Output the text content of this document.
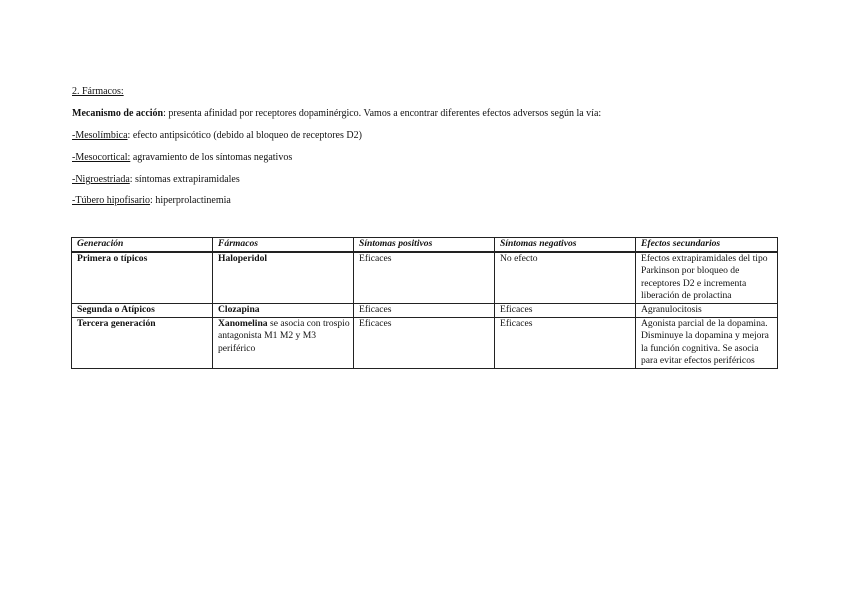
2. Fármacos:
Mecanismo de acción: presenta afinidad por receptores dopaminérgico. Vamos a encontrar diferentes efectos adversos según la vía:
-Mesolímbica: efecto antipsicótico (debido al bloqueo de receptores D2)
-Mesocortical: agravamiento de los síntomas negativos
-Nigroestriada: síntomas extrapiramidales
-Túbero hipofisario: hiperprolactinemia
Generación	Fármacos	Síntomas positivos	Síntomas negativos	Efectos secundarios
Primera o típicos	Haloperidol	Eficaces	No efecto	Efectos extrapiramidales del tipo Parkinson por bloqueo de receptores D2 e incrementa liberación de prolactina
Segunda o Atípicos	Clozapina	Eficaces	Eficaces	Agranulocitosis
Tercera generación	Xanomelina se asocia con trospio antagonista M1 M2 y M3 periférico	Eficaces	Eficaces	Agonista parcial de la dopamina. Disminuye la dopamina y mejora la función cognitiva. Se asocia para evitar efectos periféricos
